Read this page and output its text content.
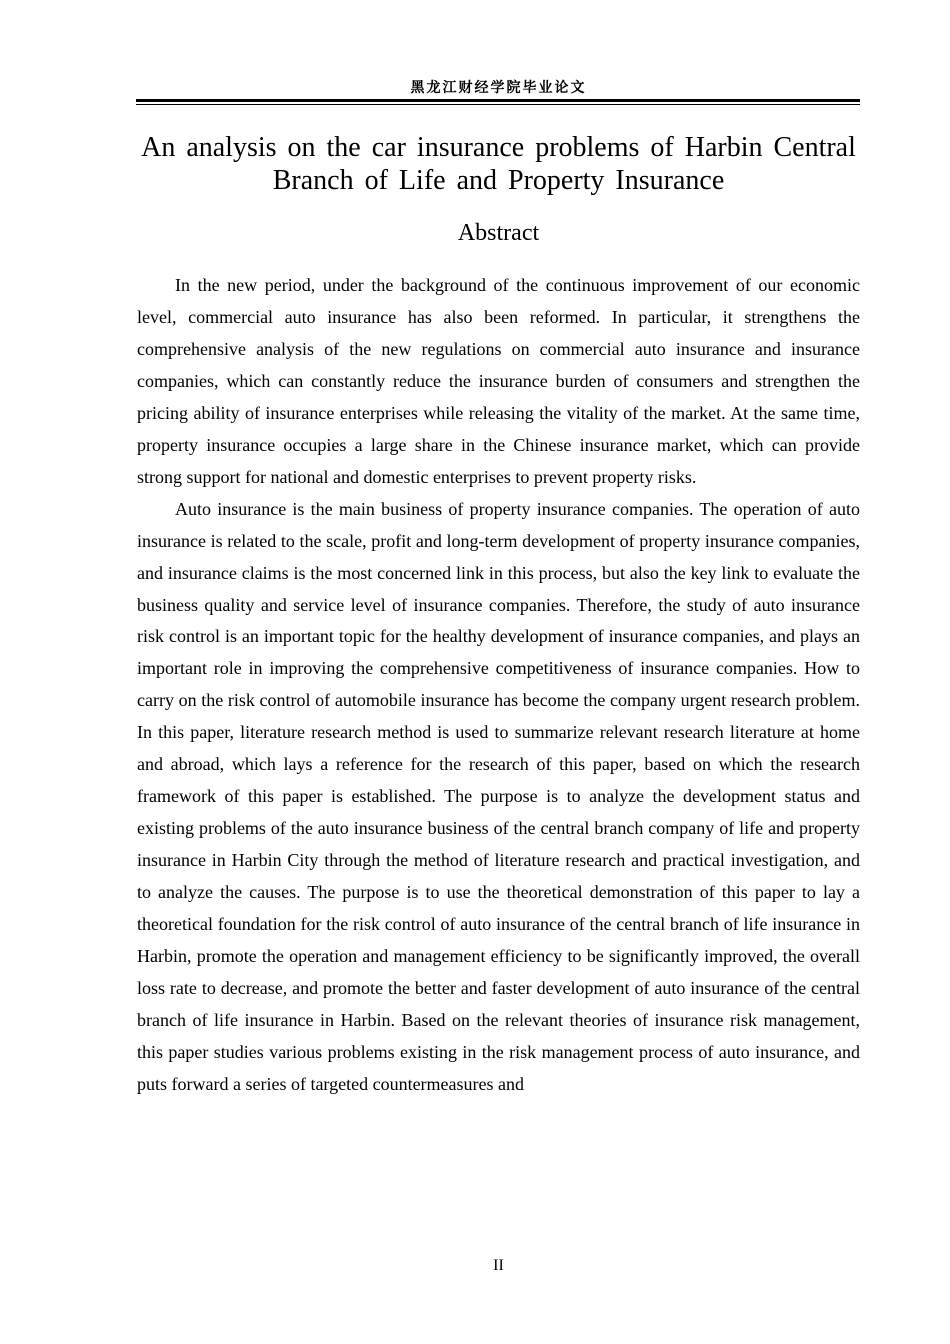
黑龙江财经学院毕业论文
An analysis on the car insurance problems of Harbin Central Branch of Life and Property Insurance
Abstract

In the new period, under the background of the continuous improvement of our economic level, commercial auto insurance has also been reformed. In particular, it strengthens the comprehensive analysis of the new regulations on commercial auto insurance and insurance companies, which can constantly reduce the insurance burden of consumers and strengthen the pricing ability of insurance enterprises while releasing the vitality of the market. At the same time, property insurance occupies a large share in the Chinese insurance market, which can provide strong support for national and domestic enterprises to prevent property risks.

Auto insurance is the main business of property insurance companies. The operation of auto insurance is related to the scale, profit and long-term development of property insurance companies, and insurance claims is the most concerned link in this process, but also the key link to evaluate the business quality and service level of insurance companies. Therefore, the study of auto insurance risk control is an important topic for the healthy development of insurance companies, and plays an important role in improving the comprehensive competitiveness of insurance companies. How to carry on the risk control of automobile insurance has become the company urgent research problem. In this paper, literature research method is used to summarize relevant research literature at home and abroad, which lays a reference for the research of this paper, based on which the research framework of this paper is established. The purpose is to analyze the development status and existing problems of the auto insurance business of the central branch company of life and property insurance in Harbin City through the method of literature research and practical investigation, and to analyze the causes. The purpose is to use the theoretical demonstration of this paper to lay a theoretical foundation for the risk control of auto insurance of the central branch of life insurance in Harbin, promote the operation and management efficiency to be significantly improved, the overall loss rate to decrease, and promote the better and faster development of auto insurance of the central branch of life insurance in Harbin. Based on the relevant theories of insurance risk management, this paper studies various problems existing in the risk management process of auto insurance, and puts forward a series of targeted countermeasures and

II
